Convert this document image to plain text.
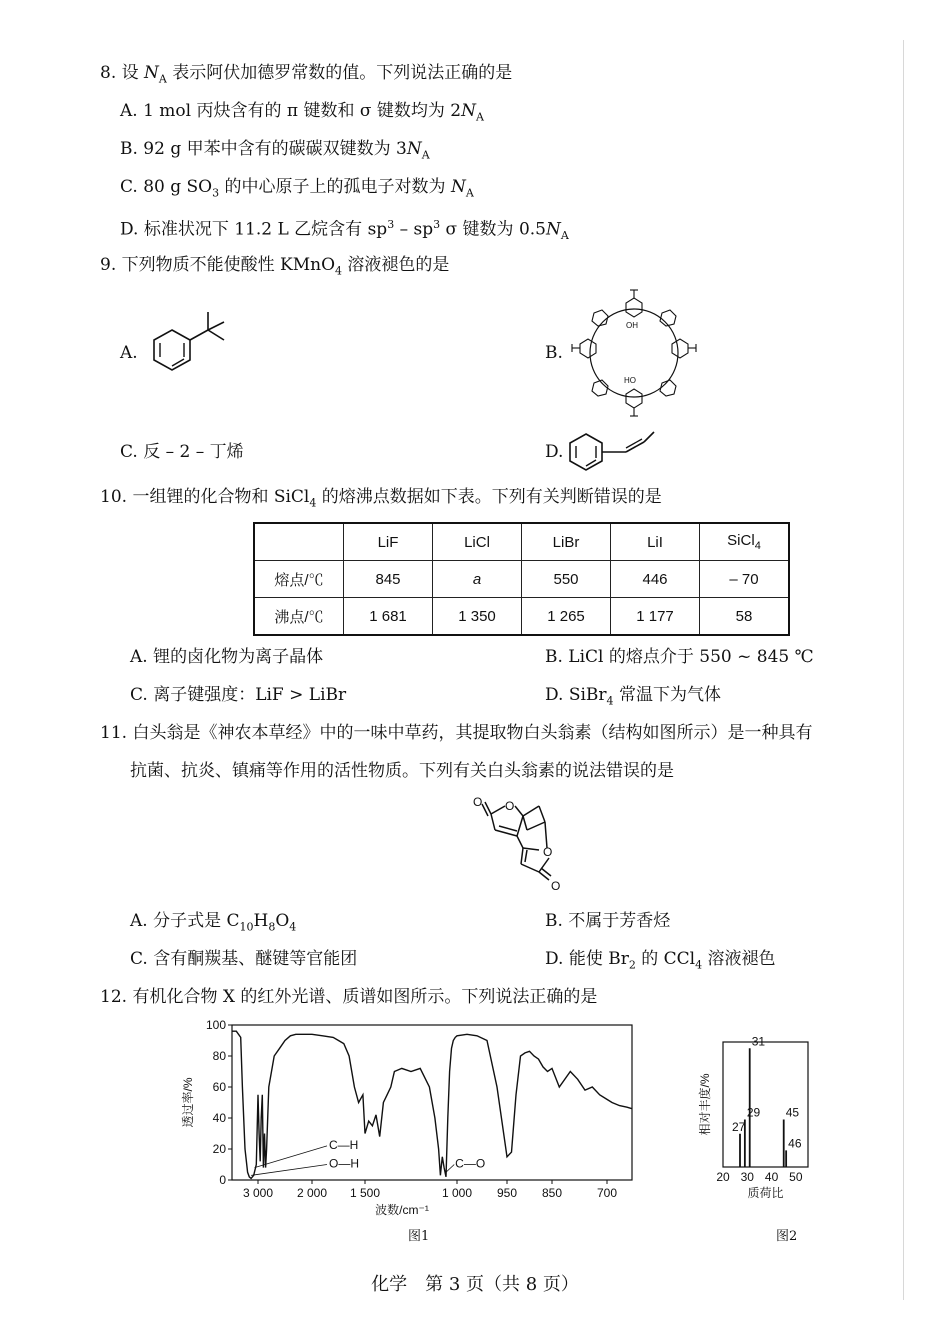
8. 设 $N_A$ 表示阿伏加德罗常数的值。下列说法正确的是
A. 1 mol 丙炔含有的 π 键数和 σ 键数均为 $2N_A$
B. 92 g 甲苯中含有的碳碳双键数为 $3N_A$
C. 80 g $SO_3$ 的中心原子上的孤电子对数为 $N_A$
D. 标准状况下 11.2 L 乙烷含有 $sp^3 - sp^3$ σ 键数为 $0.5N_A$
9. 下列物质不能使酸性 KMnO$_4$ 溶液褪色的是
A.	B.
OH
HO
C. 反 – 2 – 丁烯	D.
10. 一组锂的化合物和 SiCl$_4$ 的熔沸点数据如下表。下列有关判断错误的是
	LiF	LiCl	LiBr	LiI	SiCl$_4$
熔点/℃	845	a	550	446	– 70
沸点/℃	1 681	1 350	1 265	1 177	58
A. 锂的卤化物为离子晶体	B. LiCl 的熔点介于 550 ~ 845 ℃
C. 离子键强度：LiF > LiBr	D. SiBr$_4$ 常温下为气体
11. 白头翁是《神农本草经》中的一味中草药，其提取物白头翁素（结构如图所示）是一种具有
抗菌、抗炎、镇痛等作用的活性物质。下列有关白头翁素的说法错误的是
O O
O
O
A. 分子式是 $C_{10}H_8O_4$	B. 不属于芳香烃
C. 含有酮羰基、醚键等官能团	D. 能使 $Br_2$ 的 CCl$_4$ 溶液褪色
12. 有机化合物 X 的红外光谱、质谱如图所示。下列说法正确的是
0
20
40
60
80
100
3 000 2 000 1 500	1 000 950 850	700
波数/cm⁻¹
透过率/%
C—H
O—H	C—O
图1
27
29
31
45
46
20 30 40 50
质荷比
相对丰度/%
图2
化学　第 3 页（共 8 页）
